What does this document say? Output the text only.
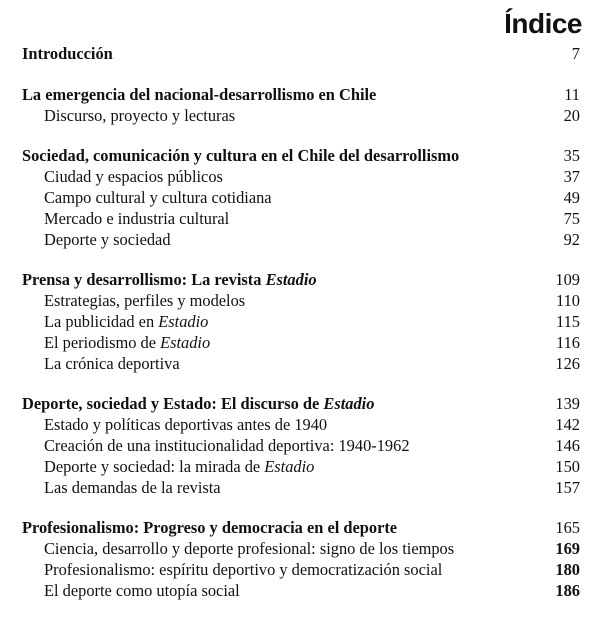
Índice
Introducción	7
La emergencia del nacional-desarrollismo en Chile	11
Discurso, proyecto y lecturas	20
Sociedad, comunicación y cultura en el Chile del desarrollismo	35
Ciudad y espacios públicos	37
Campo cultural y cultura cotidiana	49
Mercado e industria cultural	75
Deporte y sociedad	92
Prensa y desarrollismo: La revista Estadio	109
Estrategias, perfiles y modelos	110
La publicidad en Estadio	115
El periodismo de Estadio	116
La crónica deportiva	126
Deporte, sociedad y Estado: El discurso de Estadio	139
Estado y políticas deportivas antes de 1940	142
Creación de una institucionalidad deportiva: 1940-1962	146
Deporte y sociedad: la mirada de Estadio	150
Las demandas de la revista	157
Profesionalismo: Progreso y democracia en el deporte	165
Ciencia, desarrollo y deporte profesional: signo de los tiempos	169
Profesionalismo: espíritu deportivo y democratización social	180
El deporte como utopía social	186
